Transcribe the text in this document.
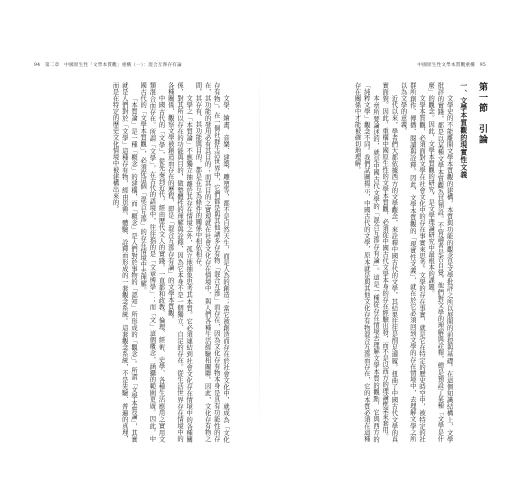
94　第二章　中國原生性「文學本質觀」重構（一）：混合互滲存有論

文學、繪畫、音樂、建築、雕塑等，都不是自然天生，而是人為的創造；當它被創造而存在於社會文化中，就成為「文化存有物」。在一個社群生活世界中，它們都是與其他諸多存有物「混合互滲」而存在，因為文化存有物本身是具有功能性的存在，其功能的發用必有其目的；而其目的之實現就在社會文化存在情境中，與人們各種生活經驗相關聯。因此，文化存有物之間，其存有、其功能與目的，都是在互為條件的關係中相依相存。

文學之「本質論」不應獨立抽離於其存在情境之外，孤立地抽象思考其本質。它必須連結到社會文化存在情境中的各種關係，對其所以存在的功能與目的，做整體性的理解與詮釋，因為它本身不是一個獨立、自足的存在。從生活世界存在情境中的各種關係，觀察文學被創造而存在的歷程，即是「混合互滲存有論」的文學本質觀。

中國古代的「文學」，從先秦到近代，經由歷代文人的實踐，一直都和政教、倫理、經術、史學、各種生活應用之實用文類混合而存在。所謂「文學」，在古代的語境中，往往指的是「文章博學」；而「文」這個概念，涵攝的範圍更廣。因此，中國古代的「文學本質觀」，必須從這個「混合互滲」的存在情境中去理解。

「本質論」是一種「概念」的建構，而「概念」是人們對於事物的「認知」所形成的「觀念」。所謂「文學本質論」，其實就是人們對於「文學」這種存有物，經由思辨、體驗、詮釋而形成的一套觀念系統。這套觀念系統，不是先驗、普遍的真理，而是在特定的歷史文化情境中被建構出來的。

中國原生性文學本質觀重構　95
第一節　引論
一、文學本質觀的現實性文義

文學史的不能離開文學本質觀的建構，本質與功能的觀念是文學批評之所以展開的前提與基礎。在這個知識結構上，文學批評的實踐，都是以某種文學本質觀為其預設。不管論者是否自覺，他們對文學的理解與詮釋，總是預設了某種「文學是什麼」的觀念。因此，文學本質觀的研究，是文學理論研究中最根本的課題。

文學本質觀，必須面對文學在社會文化中的存在事實來思考。文學的存在事實，就是它在特定的歷史時空中，被特定的社群所創作、傳播、閱讀與詮釋。因此，文學本質觀的「現實性文義」，就在於它必須回到文學的存在情境中，去理解文學之所以為文學的意義。

近代以來，學者們大都依據西方的文學觀念，來詮釋中國古代的文學，其結果往往是削足適履，扭曲了中國古代文學的真實面貌。因此，重構中國原生性的文學本質觀，必須從中國古代文學本身的存在經驗出發，而不是以西方的理論框架來套用。

本章所要論述的，就是中國古代文學的「混合互滲存有論」。這是一種從存在情境去理解文學本質的觀點，它與西方的「純粹文學」觀念不同。我們試圖揭示，中國古代的文學，原本就是與其他文化存有物混合互滲而存在，它的本質必須在這種存在關係中才能被確切地理解。
